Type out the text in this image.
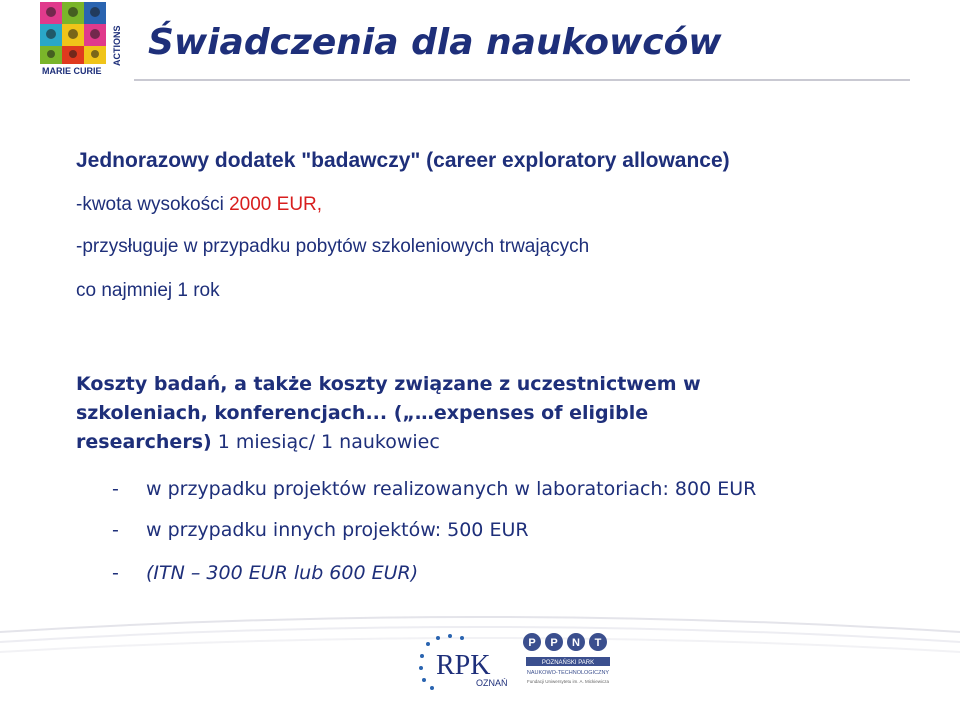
MARIE CURIE
ACTIONS Świadczenia dla naukowców
Jednorazowy dodatek "badawczy" (career exploratory allowance)
-kwota wysokości 2000 EUR,
-przysługuje w przypadku pobytów szkoleniowych trwających
co najmniej 1 rok
Koszty badań, a także koszty związane z uczestnictwem w
szkoleniach, konferencjach... („…expenses of eligible
researchers) 1 miesiąc/ 1 naukowiec
- w przypadku projektów realizowanych w laboratoriach: 800 EUR
- w przypadku innych projektów: 500 EUR
- (ITN – 300 EUR lub 600 EUR)
RPK
OZNAŃ
P P N T
POZNAŃSKI PARK
NAUKOWO-TECHNOLOGICZNY
Fundacji Uniwersytetu im. A. Mickiewicza
